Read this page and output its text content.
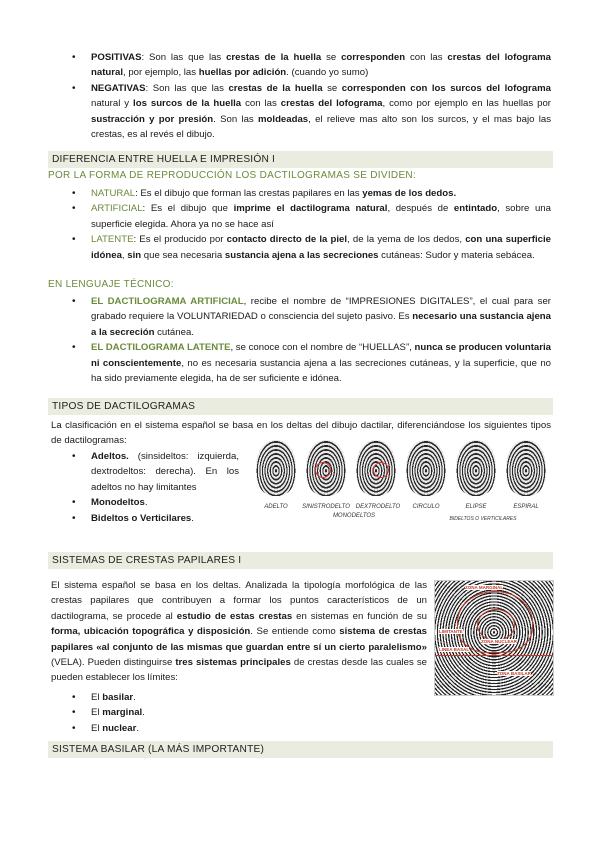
• POSITIVAS: Son las que las crestas de la huella se corresponden con las crestas del lofograma natural, por ejemplo, las huellas por adición. (cuando yo sumo)
• NEGATIVAS: Son las que las crestas de la huella se corresponden con los surcos del lofograma natural y los surcos de la huella con las crestas del lofograma, como por ejemplo en las huellas por sustracción y por presión. Son las moldeadas, el relieve mas alto son los surcos, y el mas bajo las crestas, es al revés el dibujo.
DIFERENCIA ENTRE HUELLA E IMPRESIÓN I
POR LA FORMA DE REPRODUCCIÓN LOS DACTILOGRAMAS SE DIVIDEN:
• NATURAL: Es el dibujo que forman las crestas papilares en las yemas de los dedos.
• ARTIFICIAL: Es el dibujo que imprime el dactilograma natural, después de entintado, sobre una superficie elegida. Ahora ya no se hace así
• LATENTE: Es el producido por contacto directo de la piel, de la yema de los dedos, con una superficie idónea, sin que sea necesaria sustancia ajena a las secreciones cutáneas: Sudor y materia sebácea.
EN LENGUAJE TÉCNICO:
• EL DACTILOGRAMA ARTIFICIAL, recibe el nombre de “IMPRESIONES DIGITALES”, el cual para ser grabado requiere la VOLUNTARIEDAD o consciencia del sujeto pasivo. Es necesario una sustancia ajena a la secreción cutánea.
• EL DACTILOGRAMA LATENTE, se conoce con el nombre de “HUELLAS”, nunca se producen voluntaria ni conscientemente, no es necesaria sustancia ajena a las secreciones cutáneas, y la superficie, que no ha sido previamente elegida, ha de ser suficiente e idónea.
TIPOS DE DACTILOGRAMAS
La clasificación en el sistema español se basa en los deltas del dibujo dactilar, diferenciándose los siguientes tipos de dactilogramas:
• Adeltos. (sinsideltos: izquierda, dextrodeltos: derecha). En los adeltos no hay limitantes
• Monodeltos.
• Bideltos o Verticilares.
ADELTO	SINISTRODELTO DEXTRODELTO	CIRCULO	ELIPSE	ESPIRAL
MONODELTOS	BIDELTOS O VERTICILARES
SISTEMAS DE CRESTAS PAPILARES I
El sistema español se basa en los deltas. Analizada la tipología morfológica de las crestas papilares que contribuyen a formar los puntos característicos de un dactilograma, se procede al estudio de estas crestas en sistemas en función de su forma, ubicación topográfica y disposición. Se entiende como sistema de crestas papilares «al conjunto de las mismas que guardan entre sí un cierto paralelismo» (VELA). Pueden distinguirse tres sistemas principales de crestas desde las cuales se pueden establecer los límites:
• El basilar.
• El marginal.
• El nuclear.
ZONA MARGINAL
ZONA NUCLEAR
LINEA BASAL
ZONA BASILAR
LIMITANTE
SISTEMA BASILAR (LA MÁS IMPORTANTE)
